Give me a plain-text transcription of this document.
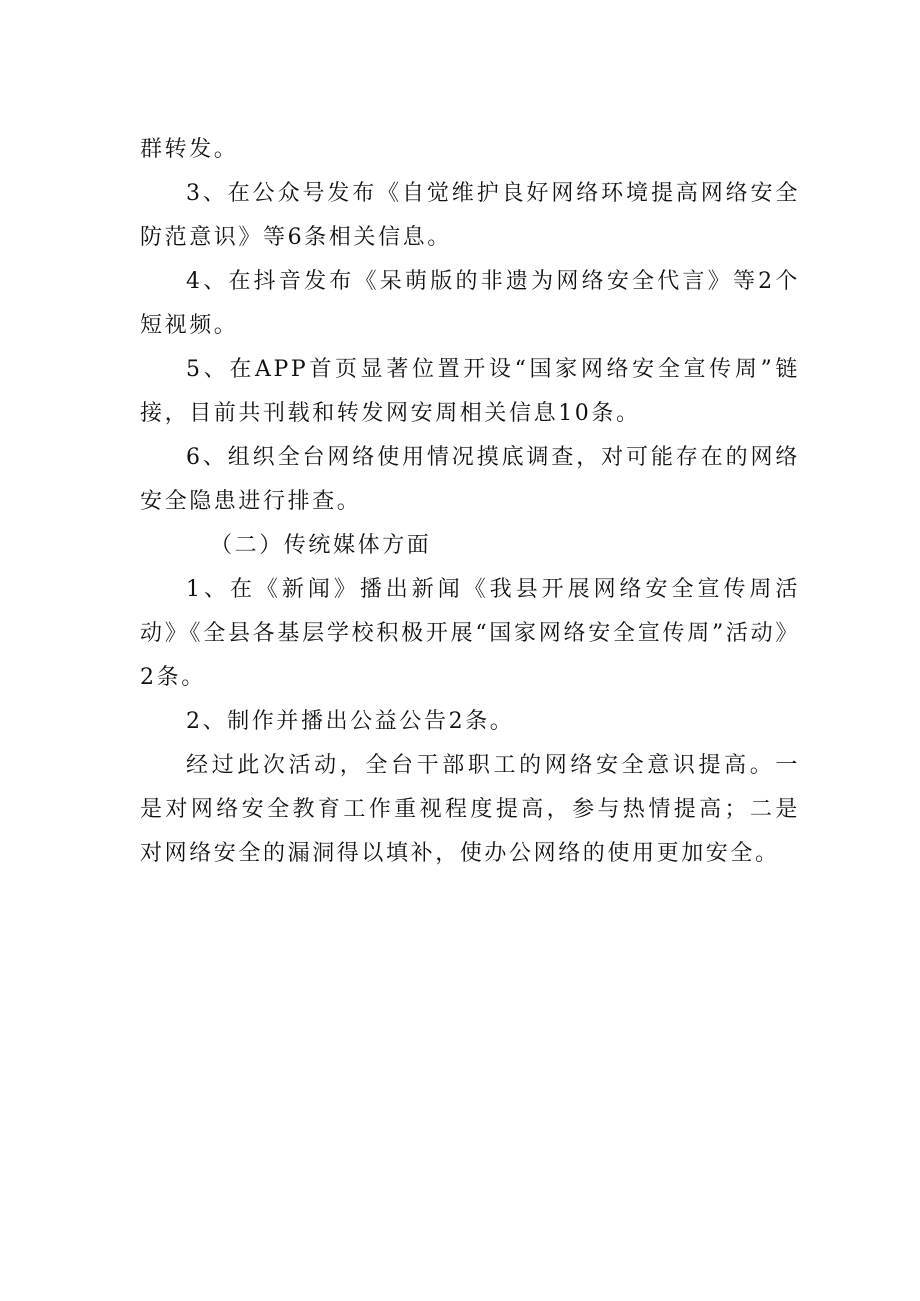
群转发。

3、在公众号发布《自觉维护良好网络环境提高网络安全防范意识》等6条相关信息。

4、在抖音发布《呆萌版的非遗为网络安全代言》等2个短视频。

5、在APP首页显著位置开设“国家网络安全宣传周”链接，目前共刊载和转发网安周相关信息10条。

6、组织全台网络使用情况摸底调查，对可能存在的网络安全隐患进行排查。

（二）传统媒体方面

1、在《新闻》播出新闻《我县开展网络安全宣传周活动》《全县各基层学校积极开展“国家网络安全宣传周”活动》2条。

2、制作并播出公益公告2条。

经过此次活动，全台干部职工的网络安全意识提高。一是对网络安全教育工作重视程度提高，参与热情提高；二是对网络安全的漏洞得以填补，使办公网络的使用更加安全。
